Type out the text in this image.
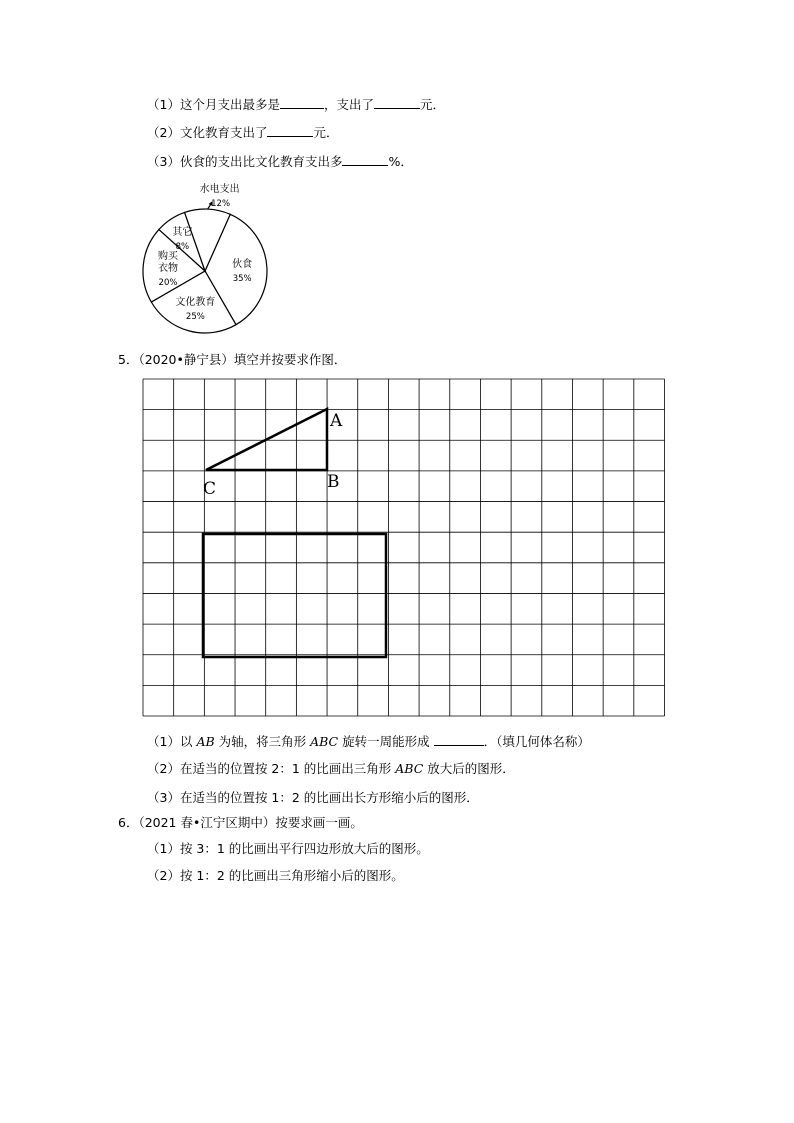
（1）这个月支出最多是	，支出了	元．
（2）文化教育支出了	元．
（3）伙食的支出比文化教育支出多	%．
伙食
35%
文化教育
25%
购买
衣物
20%
其它
8%
水电支出
12%
5．（2020•静宁县）填空并按要求作图．
A
B
C
（1）以 AB 为轴，将三角形 ABC 旋转一周能形成	．（填几何体名称）
（2）在适当的位置按 2：1 的比画出三角形 ABC 放大后的图形．
（3）在适当的位置按 1：2 的比画出长方形缩小后的图形．
6．（2021 春•江宁区期中）按要求画一画。
（1）按 3：1 的比画出平行四边形放大后的图形。
（2）按 1：2 的比画出三角形缩小后的图形。
